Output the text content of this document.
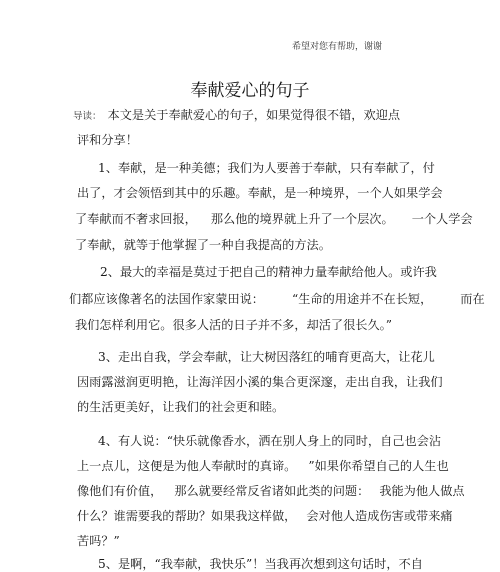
希望对您有帮助，谢谢
奉献爱心的句子
导读： 本文是关于奉献爱心的句子，如果觉得很不错，欢迎点
评和分享！
1、奉献，是一种美德；我们为人要善于奉献，只有奉献了，付
出了，才会领悟到其中的乐趣。奉献，是一种境界，一个人如果学会
了奉献而不奢求回报， 那么他的境界就上升了一个层次。 一个人学会
了奉献，就等于他掌握了一种自我提高的方法。
2、最大的幸福是莫过于把自己的精神力量奉献给他人。或许我
们都应该像著名的法国作家蒙田说： “生命的用途并不在长短， 而在
我们怎样利用它。很多人活的日子并不多，却活了很长久。”
3、走出自我，学会奉献，让大树因落红的哺育更高大，让花儿
因雨露滋润更明艳，让海洋因小溪的集合更深邃，走出自我，让我们
的生活更美好，让我们的社会更和睦。
4、有人说：“快乐就像香水，洒在别人身上的同时，自己也会沾
上一点儿，这便是为他人奉献时的真谛。 ”如果你希望自己的人生也
像他们有价值， 那么就要经常反省诸如此类的问题： 我能为他人做点
什么？谁需要我的帮助？如果我这样做， 会对他人造成伤害或带来痛
苦吗？”
5、是啊，“我奉献，我快乐”！当我再次想到这句话时，不自
